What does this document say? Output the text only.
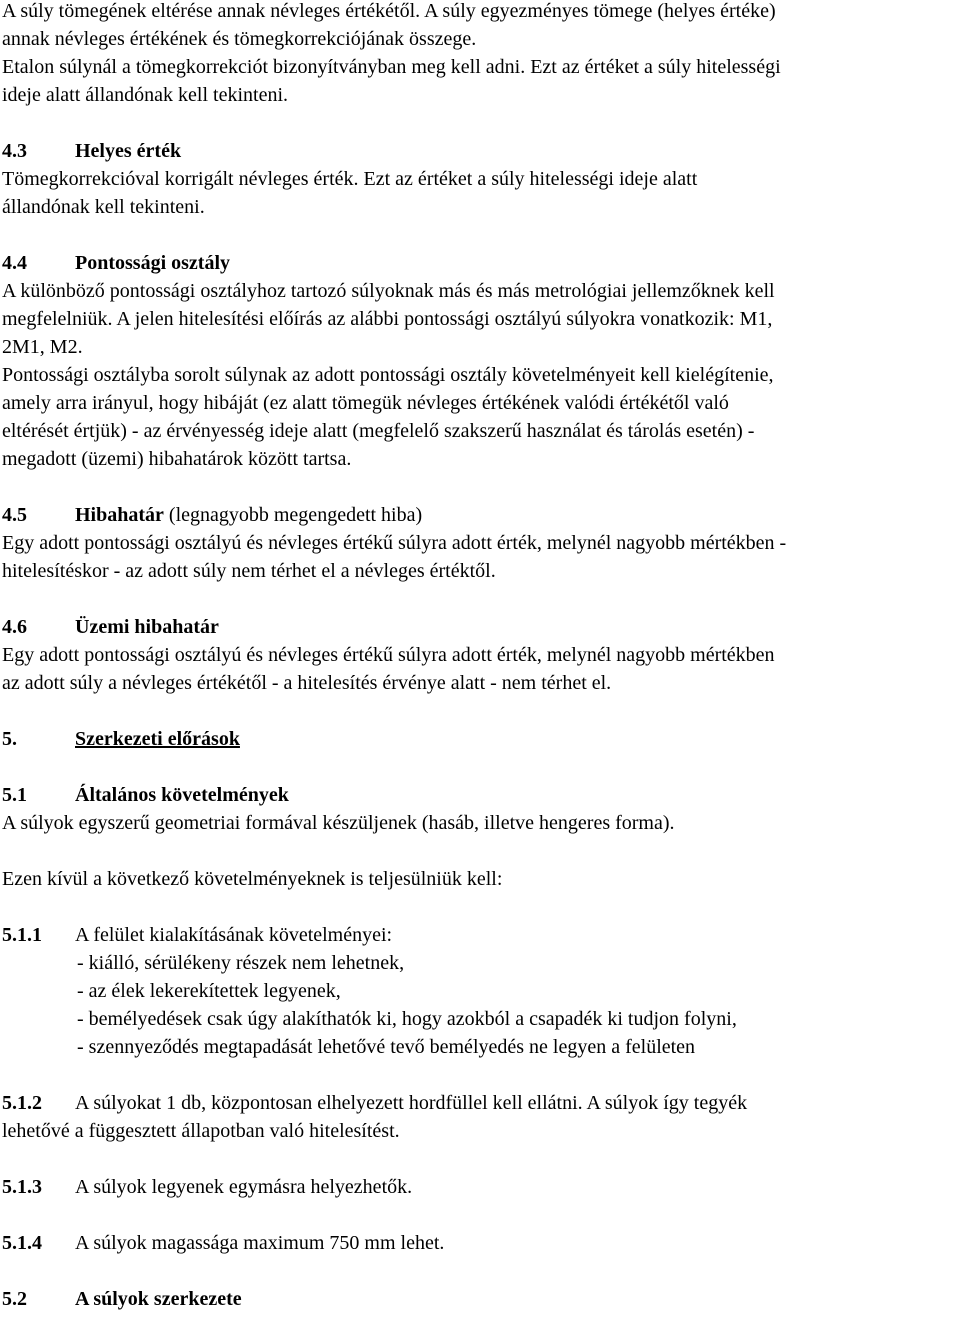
A súly tömegének eltérése annak névleges értékétől. A súly egyezményes tömege (helyes értéke)

annak névleges értékének és tömegkorrekciójának összege.

Etalon súlynál a tömegkorrekciót bizonyítványban meg kell adni. Ezt az értéket a súly hitelességi

ideje alatt állandónak kell tekinteni.

4.3 Helyes érték

Tömegkorrekcióval korrigált névleges érték. Ezt az értéket a súly hitelességi ideje alatt

állandónak kell tekinteni.

4.4 Pontossági osztály

A különböző pontossági osztályhoz tartozó súlyoknak más és más metrológiai jellemzőknek kell

megfelelniük. A jelen hitelesítési előírás az alábbi pontossági osztályú súlyokra vonatkozik: M1,

2M1, M2.

Pontossági osztályba sorolt súlynak az adott pontossági osztály követelményeit kell kielégítenie,

amely arra irányul, hogy hibáját (ez alatt tömegük névleges értékének valódi értékétől való

eltérését értjük) - az érvényesség ideje alatt (megfelelő szakszerű használat és tárolás esetén) -

megadott (üzemi) hibahatárok között tartsa.

4.5 Hibahatár (legnagyobb megengedett hiba)

Egy adott pontossági osztályú és névleges értékű súlyra adott érték, melynél nagyobb mértékben -

hitelesítéskor - az adott súly nem térhet el a névleges értéktől.

4.6 Üzemi hibahatár

Egy adott pontossági osztályú és névleges értékű súlyra adott érték, melynél nagyobb mértékben

az adott súly a névleges értékétől - a hitelesítés érvénye alatt - nem térhet el.

5.	Szerkezeti előrások

5.1 Általános követelmények

A súlyok egyszerű geometriai formával készüljenek (hasáb, illetve hengeres forma).

Ezen kívül a következő követelményeknek is teljesülniük kell:

5.1.1 A felület kialakításának követelményei:

- kiálló, sérülékeny részek nem lehetnek,

- az élek lekerekítettek legyenek,

- bemélyedések csak úgy alakíthatók ki, hogy azokból a csapadék ki tudjon folyni,

- szennyeződés megtapadását lehetővé tevő bemélyedés ne legyen a felületen

5.1.2 A súlyokat 1 db, központosan elhelyezett hordfüllel kell ellátni. A súlyok így tegyék

lehetővé a függesztett állapotban való hitelesítést.

5.1.3 A súlyok legyenek egymásra helyezhetők.

5.1.4 A súlyok magassága maximum 750 mm lehet.

5.2 A súlyok szerkezete
